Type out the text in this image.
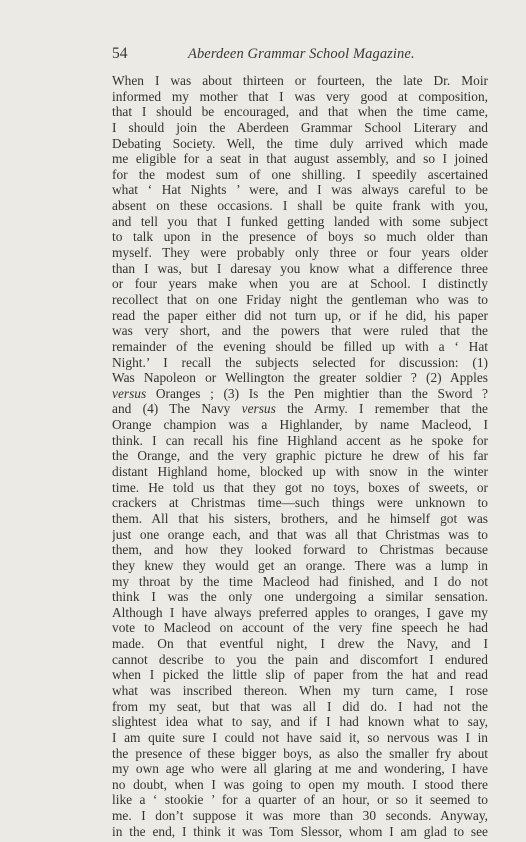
54	Aberdeen Grammar School Magazine.
When I was about thirteen or fourteen, the late Dr. Moir
informed my mother that I was very good at composition,
that I should be encouraged, and that when the time came,
I should join the Aberdeen Grammar School Literary and
Debating Society. Well, the time duly arrived which made
me eligible for a seat in that august assembly, and so I joined
for the modest sum of one shilling. I speedily ascertained
what ‘ Hat Nights ’ were, and I was always careful to be
absent on these occasions. I shall be quite frank with you,
and tell you that I funked getting landed with some subject
to talk upon in the presence of boys so much older than
myself. They were probably only three or four years older
than I was, but I daresay you know what a difference three
or four years make when you are at School. I distinctly
recollect that on one Friday night the gentleman who was to
read the paper either did not turn up, or if he did, his paper
was very short, and the powers that were ruled that the
remainder of the evening should be filled up with a ‘ Hat
Night.’ I recall the subjects selected for discussion: (1)
Was Napoleon or Wellington the greater soldier ? (2) Apples
versus Oranges ; (3) Is the Pen mightier than the Sword ?
and (4) The Navy versus the Army. I remember that the
Orange champion was a Highlander, by name Macleod, I
think. I can recall his fine Highland accent as he spoke for
the Orange, and the very graphic picture he drew of his far
distant Highland home, blocked up with snow in the winter
time. He told us that they got no toys, boxes of sweets, or
crackers at Christmas time—such things were unknown to
them. All that his sisters, brothers, and he himself got was
just one orange each, and that was all that Christmas was to
them, and how they looked forward to Christmas because
they knew they would get an orange. There was a lump in
my throat by the time Macleod had finished, and I do not
think I was the only one undergoing a similar sensation.
Although I have always preferred apples to oranges, I gave my
vote to Macleod on account of the very fine speech he had
made. On that eventful night, I drew the Navy, and I
cannot describe to you the pain and discomfort I endured
when I picked the little slip of paper from the hat and read
what was inscribed thereon. When my turn came, I rose
from my seat, but that was all I did do. I had not the
slightest idea what to say, and if I had known what to say,
I am quite sure I could not have said it, so nervous was I in
the presence of these bigger boys, as also the smaller fry about
my own age who were all glaring at me and wondering, I have
no doubt, when I was going to open my mouth. I stood there
like a ‘ stookie ’ for a quarter of an hour, or so it seemed to
me. I don’t suppose it was more than 30 seconds. Anyway,
in the end, I think it was Tom Slessor, whom I am glad to see
